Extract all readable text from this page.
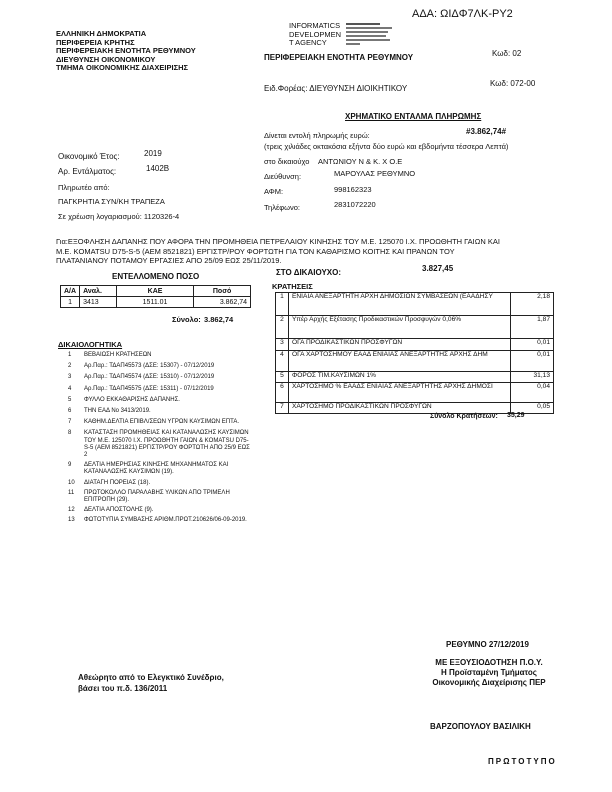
ΑΔΑ: ΩΙΔΦ7ΛΚ-ΡΥ2
INFORMATICS
DEVELOPMEN
T AGENCY
ΕΛΛΗΝΙΚΗ ΔΗΜΟΚΡΑΤΙΑ
ΠΕΡΙΦΕΡΕΙΑ ΚΡΗΤΗΣ
ΠΕΡΙΦΕΡΕΙΑΚΗ ΕΝΟΤΗΤΑ ΡΕΘΥΜΝΟΥ
ΔΙΕΥΘΥΝΣΗ ΟΙΚΟΝΟΜΙΚΟΥ
ΤΜΗΜΑ ΟΙΚΟΝΟΜΙΚΗΣ ΔΙΑΧΕΙΡΙΣΗΣ
ΠΕΡΙΦΕΡΕΙΑΚΗ ΕΝΟΤΗΤΑ ΡΕΘΥΜΝΟΥ	Κωδ: 02
Ειδ.Φορέας: ΔΙΕΥΘΥΝΣΗ ΔΙΟΙΚΗΤΙΚΟΥ
Κωδ: 072-00
ΧΡΗΜΑΤΙΚΟ ΕΝΤΑΛΜΑ ΠΛΗΡΩΜΗΣ
Δίνεται εντολή πληρωμής ευρώ:	#3.862,74#
(τρεις χιλιάδες οκτακόσια εξήντα δύο ευρώ και εβδομήντα τέσσερα Λεπτά)
στο δικαιούχο ΑΝΤΩΝΙΟΥ Ν & Κ. Χ Ο.Ε
Διεύθυνση:	ΜΑΡΟΥΛΑΣ ΡΕΘΥΜΝΟ
ΑΦΜ:	998162323
Τηλέφωνο:	2831072220
Οικονομικό Έτος:	2019
Αρ. Εντάλματος:	1402Β
Πληρωτέο από:
ΠΑΓΚΡΗΤΙΑ ΣΥΝ/ΚΗ ΤΡΑΠΕΖΑ
Σε χρέωση λογαριασμού: 1120326-4
Για:ΕΞΟΦΛΗΣΗ ΔΑΠΑΝΗΣ ΠΟΥ ΑΦΟΡΑ ΤΗΝ ΠΡΟΜΗΘΕΙΑ ΠΕΤΡΕΛΑΙΟΥ ΚΙΝΗΣΗΣ ΤΟΥ Μ.Ε. 125070 Ι.Χ. ΠΡΟΩΘΗΤΗ ΓΑΙΩΝ ΚΑΙ
Μ.Ε. KOMATSU D75-S-5 (ΑΕΜ 8521821) ΕΡΓΙΣΤΡ/ΡΟΥ ΦΟΡΤΩΤΗ ΓΙΑ ΤΟΝ ΚΑΘΑΡΙΣΜΟ ΚΟΙΤΗΣ ΚΑΙ ΠΡΑΝΩΝ ΤΟΥ
ΠΛΑΤΑΝΙΑΝΟΥ ΠΟΤΑΜΟΥ ΕΡΓΑΣΙΕΣ ΑΠΟ 25/09 ΕΩΣ 25/11/2019.
ΕΝΤΕΛΛΟΜΕΝΟ ΠΟΣΟ
Α/Α	Αναλ.	ΚΑΕ	Ποσό
1	3413	1511.01	3.862,74
Σύνολο: 3.862,74
ΣΤΟ ΔΙΚΑΙΟΥΧΟ:	3.827,45
ΚΡΑΤΗΣΕΙΣ
1	ΕΝΙΑΙΑ ΑΝΕΞΑΡΤΗΤΗ ΑΡΧΗ ΔΗΜΟΣΙΩΝ ΣΥΜΒΑΣΕΩΝ (ΕΑΑΔΗΣΥ	2,18
2	Υπέρ Αρχής Εξέτασης Προδικαστικών Προσφυγών 0,06%	1,87
3	ΟΓΑ ΠΡΟΔΙΚΑΣΤΙΚΩΝ ΠΡΟΣΦΥΓΩΝ	0,01
4	ΟΓΑ ΧΑΡΤΟΣΗΜΟΥ ΕΑΑΔ ΕΝΙΑΙΑΣ ΑΝΕΞΑΡΤΗΤΗΣ ΑΡΧΗΣ ΔΗΜ	0,01
5	ΦΟΡΟΣ ΤΙΜ.ΚΑΥΣΙΜΩΝ 1%	31,13
6	ΧΑΡΤΟΣΗΜΟ % ΕΑΑΔΣ ΕΝΙΑΙΑΣ ΑΝΕΞΑΡΤΗΤΗΣ ΑΡΧΗΣ ΔΗΜΟΣΙ	0,04
7	ΧΑΡΤΟΣΗΜΟ ΠΡΟΔΙΚΑΣΤΙΚΩΝ ΠΡΟΣΦΥΓΩΝ	0,05
Σύνολο Κρατήσεων: 35,29
ΔΙΚΑΙΟΛΟΓΗΤΙΚΑ
1 ΒΕΒΑΙΩΣΗ ΚΡΑΤΗΣΕΩΝ
2 Αρ.Παρ.: ΤΔΑΠ45573 (ΔΣΕ: 15307) - 07/12/2019
3 Αρ.Παρ.: ΤΔΑΠ45574 (ΔΣΕ: 15310) - 07/12/2019
4 Αρ.Παρ.: ΤΔΑΠ45575 (ΔΣΕ: 15311) - 07/12/2019
5 ΦΥΛΛΟ ΕΚΚΑΘΑΡΙΣΗΣ ΔΑΠΑΝΗΣ.
6 ΤΗΝ ΕΑΔ Νο 3413/2019.
7 ΚΑΘΗΜ.ΔΕΛΤΙΑ ΕΠΙΒΛ/ΣΕΩΝ ΥΓΡΩΝ ΚΑΥΣΙΜΩΝ ΕΠΤΑ.
8 ΚΑΤΑΣΤΑΣΗ ΠΡΟΜΗΘΕΙΑΣ ΚΑΙ ΚΑΤΑΝΑΛΩΣΗΣ ΚΑΥΣΙΜΩΝ ΤΟΥ Μ.Ε. 125070 Ι.Χ. ΠΡΟΩΘΗΤΗ ΓΑΙΩΝ & KOMATSU D75-S-5 (ΑΕΜ 8521821) ΕΡΓΙΣΤΡ/ΡΟΥ ΦΟΡΤΩΤΗ ΑΠΟ 25/9 ΕΩΣ 2
9 ΔΕΛΤΙΑ ΗΜΕΡΗΣΙΑΣ ΚΙΝΗΣΗΣ ΜΗΧΑΝΗΜΑΤΟΣ ΚΑΙ ΚΑΤΑΝΑΛΩΣΗΣ ΚΑΥΣΙΜΩΝ (19).
10 ΔΙΑΤΑΓΗ ΠΟΡΕΙΑΣ (18).
11 ΠΡΩΤΟΚΟΛΛΟ ΠΑΡΑΛΑΒΗΣ ΥΛΙΚΩΝ ΑΠΟ ΤΡΙΜΕΛΗ ΕΠΙΤΡΟΠΗ (29).
12 ΔΕΛΤΙΑ ΑΠΟΣΤΟΛΗΣ (9).
13 ΦΩΤΟΤΥΠΙΑ ΣΥΜΒΑΣΗΣ ΑΡΙΘΜ.ΠΡΩΤ.210626/06-09-2019.
Αθεώρητο από το Ελεγκτικό Συνέδριο,
βάσει του π.δ. 136/2011
ΡΕΘΥΜΝΟ 27/12/2019
ΜΕ ΕΞΟΥΣΙΟΔΟΤΗΣΗ Π.Ο.Υ.
Η Προϊσταμένη Τμήματος
Οικονομικής Διαχείρισης ΠΕΡ
ΒΑΡΖΟΠΟΥΛΟΥ ΒΑΣΙΛΙΚΗ
ΠΡΩΤΟΤΥΠΟ
